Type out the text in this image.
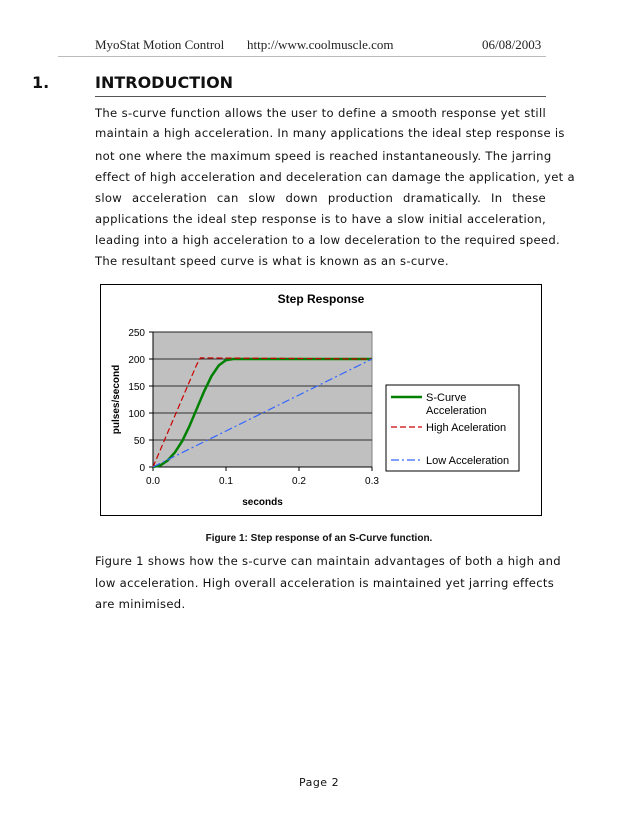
MyoStat Motion Control http://www.coolmuscle.com	06/08/2003
1.	INTRODUCTION
The s-curve function allows the user to define a smooth response yet still
maintain a high acceleration. In many applications the ideal step response is
not one where the maximum speed is reached instantaneously. The jarring
effect of high acceleration and deceleration can damage the application, yet a
slow acceleration can slow down production dramatically. In these
applications the ideal step response is to have a slow initial acceleration,
leading into a high acceleration to a low deceleration to the required speed.
The resultant speed curve is what is known as an s-curve.
Step Response
0
50
100
150
200
250
0.0	0.1	0.2	0.3
seconds
pulses/second	S-Curve
Acceleration
High Aceleration
Low Acceleration
Figure 1: Step response of an S-Curve function.
Figure 1 shows how the s-curve can maintain advantages of both a high and
low acceleration. High overall acceleration is maintained yet jarring effects
are minimised.
Page 2
